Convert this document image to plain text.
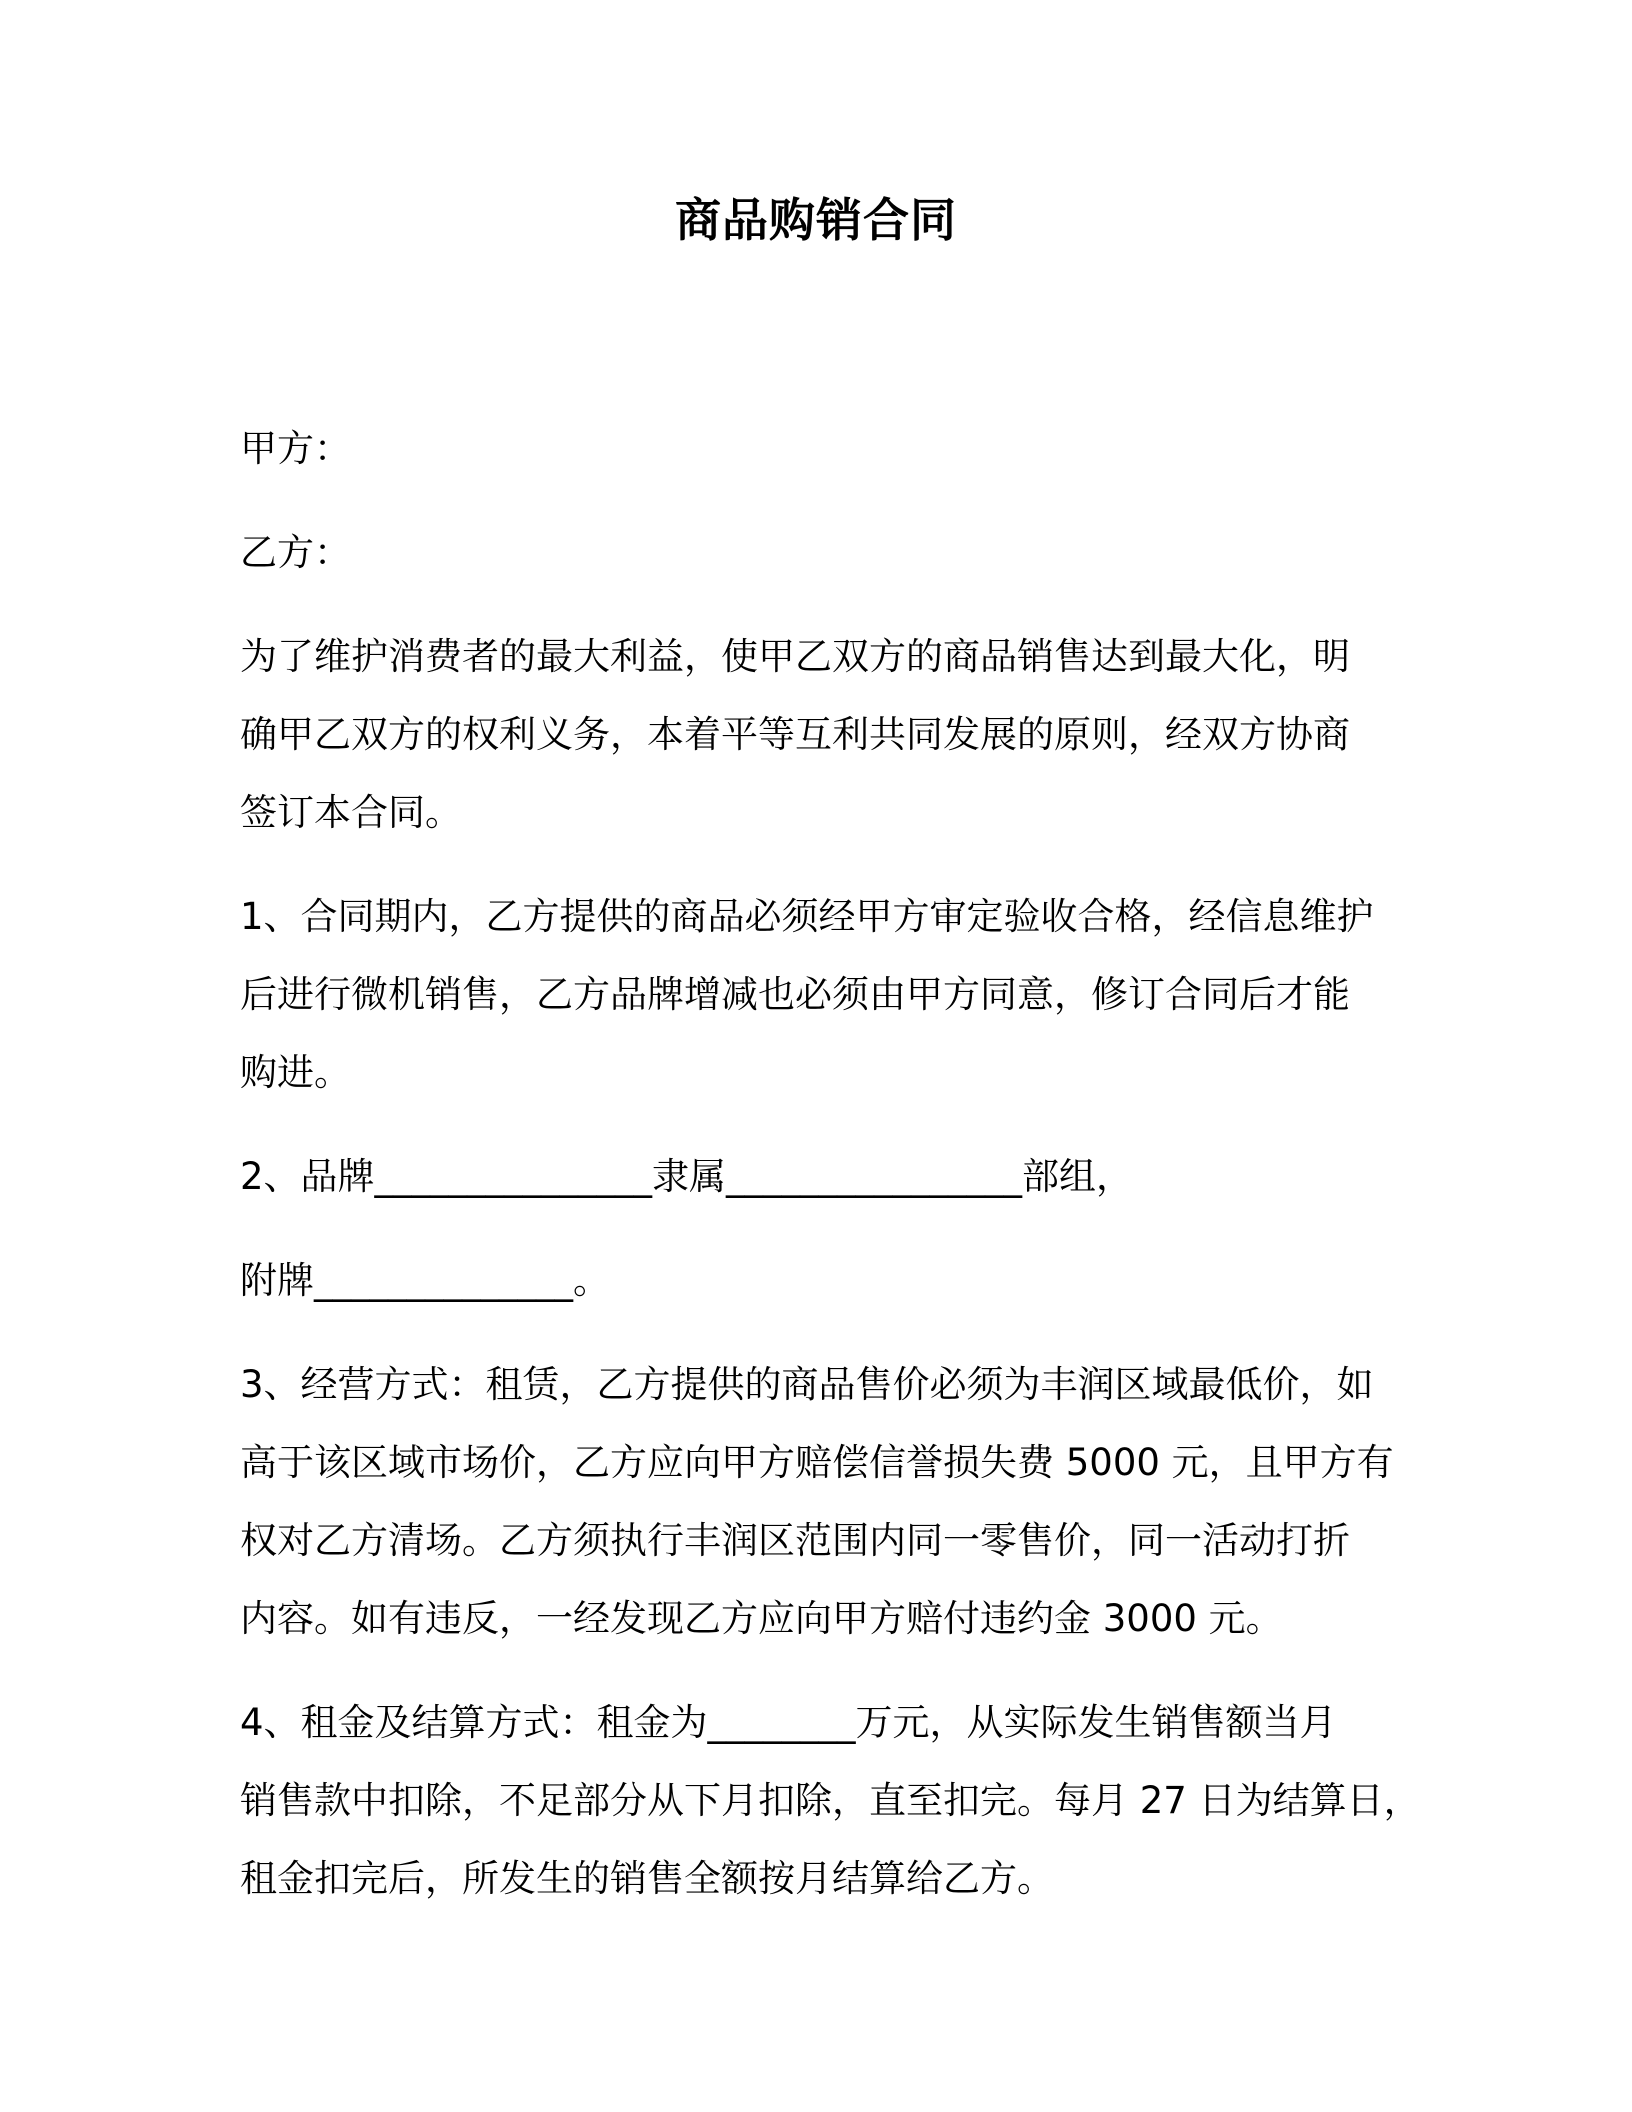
商品购销合同

甲方：

乙方：

为了维护消费者的最大利益，使甲乙双方的商品销售达到最大化，明
确甲乙双方的权利义务，本着平等互利共同发展的原则，经双方协商
签订本合同。

1、合同期内，乙方提供的商品必须经甲方审定验收合格，经信息维护
后进行微机销售，乙方品牌增减也必须由甲方同意，修订合同后才能
购进。

2、品牌_______________隶属________________部组，

附牌______________。

3、经营方式：租赁，乙方提供的商品售价必须为丰润区域最低价，如
高于该区域市场价，乙方应向甲方赔偿信誉损失费 5000 元，且甲方有
权对乙方清场。乙方须执行丰润区范围内同一零售价，同一活动打折
内容。如有违反，一经发现乙方应向甲方赔付违约金 3000 元。

4、租金及结算方式：租金为________万元，从实际发生销售额当月
销售款中扣除，不足部分从下月扣除，直至扣完。每月 27 日为结算日，
租金扣完后，所发生的销售全额按月结算给乙方。
